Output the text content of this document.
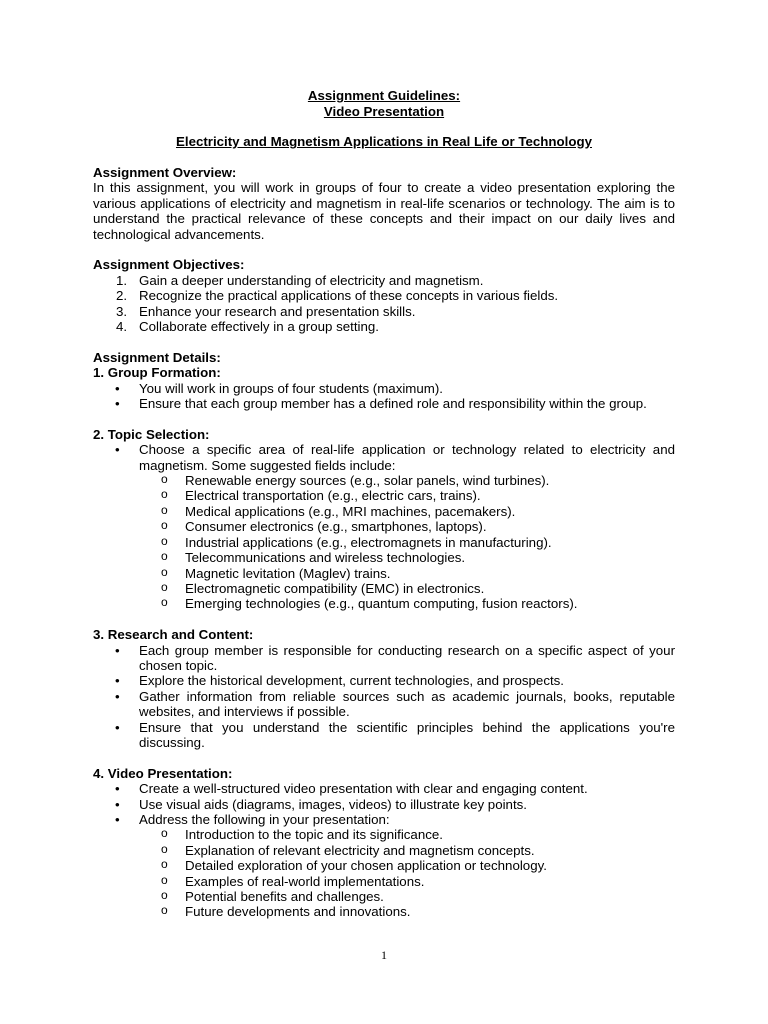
Assignment Guidelines:
Video Presentation
Electricity and Magnetism Applications in Real Life or Technology
Assignment Overview:

In this assignment, you will work in groups of four to create a video presentation exploring the various applications of electricity and magnetism in real-life scenarios or technology. The aim is to understand the practical relevance of these concepts and their impact on our daily lives and technological advancements.

Assignment Objectives:
1. Gain a deeper understanding of electricity and magnetism.
2. Recognize the practical applications of these concepts in various fields.
3. Enhance your research and presentation skills.
4. Collaborate effectively in a group setting.
Assignment Details:
1. Group Formation:
• You will work in groups of four students (maximum).
• Ensure that each group member has a defined role and responsibility within the group.
2. Topic Selection:
• Choose a specific area of real-life application or technology related to electricity and magnetism. Some suggested fields include:
o Renewable energy sources (e.g., solar panels, wind turbines).
o Electrical transportation (e.g., electric cars, trains).
o Medical applications (e.g., MRI machines, pacemakers).
o Consumer electronics (e.g., smartphones, laptops).
o Industrial applications (e.g., electromagnets in manufacturing).
o Telecommunications and wireless technologies.
o Magnetic levitation (Maglev) trains.
o Electromagnetic compatibility (EMC) in electronics.
o Emerging technologies (e.g., quantum computing, fusion reactors).
3. Research and Content:
• Each group member is responsible for conducting research on a specific aspect of your chosen topic.
• Explore the historical development, current technologies, and prospects.
• Gather information from reliable sources such as academic journals, books, reputable websites, and interviews if possible.
• Ensure that you understand the scientific principles behind the applications you're discussing.
4. Video Presentation:
• Create a well-structured video presentation with clear and engaging content.
• Use visual aids (diagrams, images, videos) to illustrate key points.
• Address the following in your presentation:
o Introduction to the topic and its significance.
o Explanation of relevant electricity and magnetism concepts.
o Detailed exploration of your chosen application or technology.
o Examples of real-world implementations.
o Potential benefits and challenges.
o Future developments and innovations.
1
